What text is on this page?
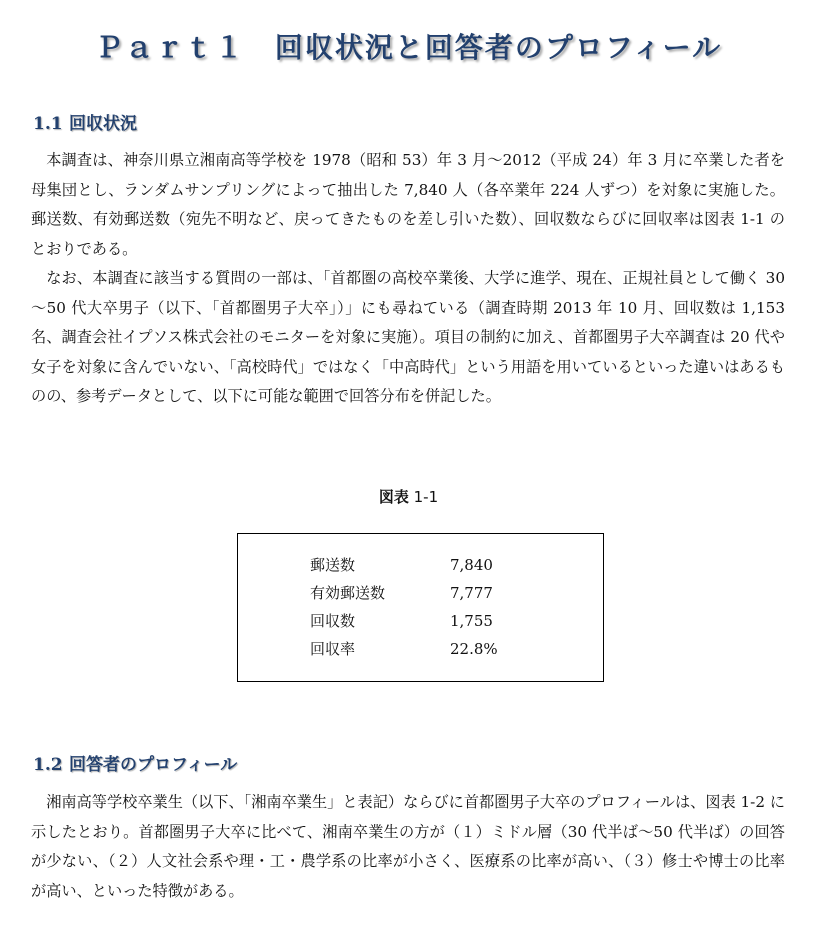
Ｐａｒｔ１　回収状況と回答者のプロフィール
1.1 回収状況

本調査は、神奈川県立湘南高等学校を 1978（昭和 53）年 3 月～2012（平成 24）年 3 月に卒業した者を母集団とし、ランダムサンプリングによって抽出した 7,840 人（各卒業年 224 人ずつ）を対象に実施した。郵送数、有効郵送数（宛先不明など、戻ってきたものを差し引いた数）、回収数ならびに回収率は図表 1-1 のとおりである。

なお、本調査に該当する質問の一部は、「首都圏の高校卒業後、大学に進学、現在、正規社員として働く 30～50 代大卒男子（以下、「首都圏男子大卒」）」にも尋ねている（調査時期 2013 年 10 月、回収数は 1,153 名、調査会社イプソス株式会社のモニターを対象に実施）。項目の制約に加え、首都圏男子大卒調査は 20 代や女子を対象に含んでいない、「高校時代」ではなく「中高時代」という用語を用いているといった違いはあるものの、参考データとして、以下に可能な範囲で回答分布を併記した。

図表 1-1
郵送数	7,840
有効郵送数	7,777
回収数	1,755
回収率	22.8%
1.2 回答者のプロフィール

湘南高等学校卒業生（以下、「湘南卒業生」と表記）ならびに首都圏男子大卒のプロフィールは、図表 1-2 に示したとおり。首都圏男子大卒に比べて、湘南卒業生の方が（１）ミドル層（30 代半ば～50 代半ば）の回答が少ない、（２）人文社会系や理・工・農学系の比率が小さく、医療系の比率が高い、（３）修士や博士の比率が高い、といった特徴がある。
